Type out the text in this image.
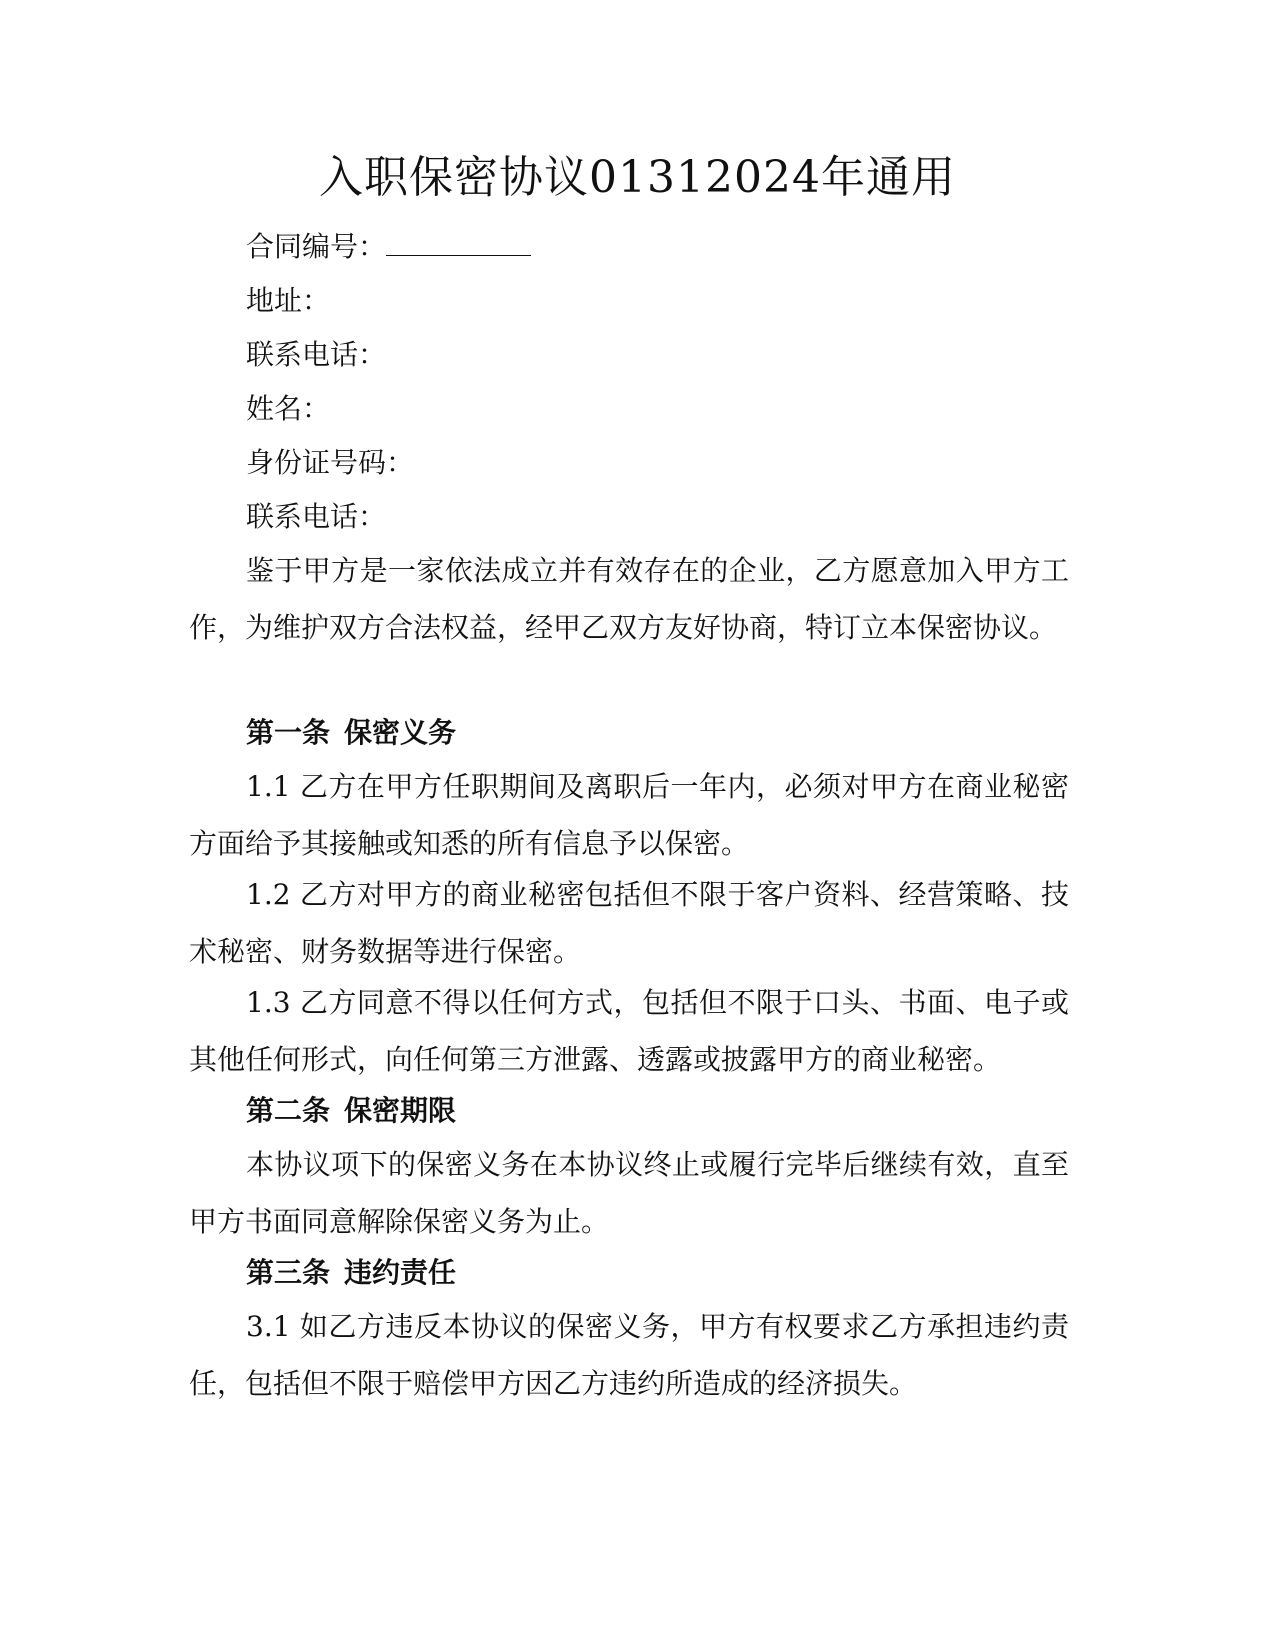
入职保密协议01312024年通用
合同编号：
地址：
联系电话：
姓名：
身份证号码：
联系电话：
鉴于甲方是一家依法成立并有效存在的企业，乙方愿意加入甲方工作，为维护双方合法权益，经甲乙双方友好协商，特订立本保密协议。
第一条 保密义务
1.1 乙方在甲方任职期间及离职后一年内，必须对甲方在商业秘密方面给予其接触或知悉的所有信息予以保密。
1.2 乙方对甲方的商业秘密包括但不限于客户资料、经营策略、技术秘密、财务数据等进行保密。
1.3 乙方同意不得以任何方式，包括但不限于口头、书面、电子或其他任何形式，向任何第三方泄露、透露或披露甲方的商业秘密。
第二条 保密期限
本协议项下的保密义务在本协议终止或履行完毕后继续有效，直至甲方书面同意解除保密义务为止。
第三条 违约责任
3.1 如乙方违反本协议的保密义务，甲方有权要求乙方承担违约责任，包括但不限于赔偿甲方因乙方违约所造成的经济损失。
